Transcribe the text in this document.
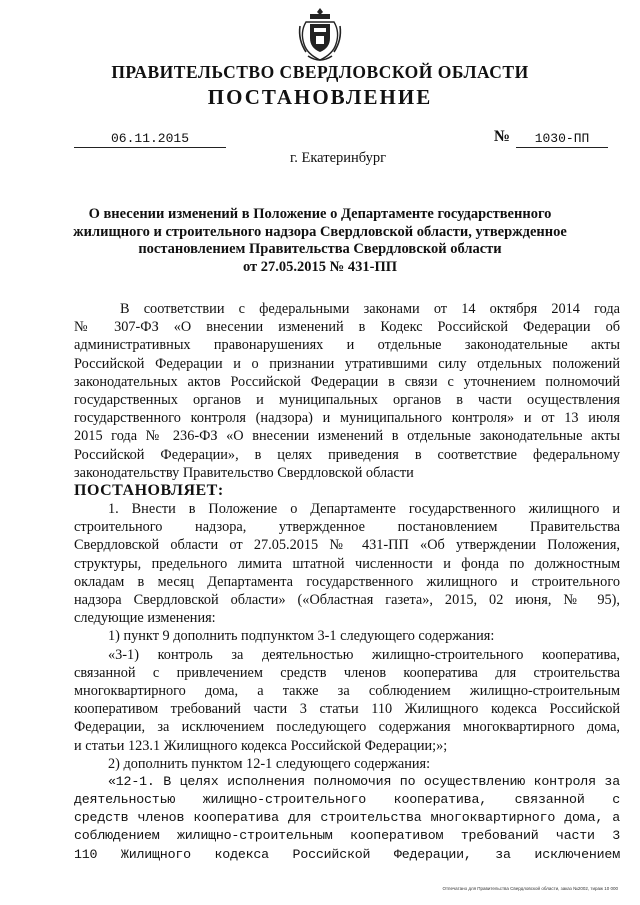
ПРАВИТЕЛЬСТВО СВЕРДЛОВСКОЙ ОБЛАСТИ
ПОСТАНОВЛЕНИЕ
06.11.2015	№	1030-ПП
г. Екатеринбург
О внесении изменений в Положение о Департаменте государственного
жилищного и строительного надзора Свердловской области, утвержденное
постановлением Правительства Свердловской области
от 27.05.2015 № 431-ПП
В соответствии с федеральными законами от 14 октября 2014 года
№ 307-ФЗ «О внесении изменений в Кодекс Российской Федерации об
административных правонарушениях и отдельные законодательные акты
Российской Федерации и о признании утратившими силу отдельных положений
законодательных актов Российской Федерации в связи с уточнением полномочий
государственных органов и муниципальных органов в части осуществления
государственного контроля (надзора) и муниципального контроля» и от 13 июля
2015 года № 236-ФЗ «О внесении изменений в отдельные законодательные акты
Российской Федерации», в целях приведения в соответствие федеральному
законодательству Правительство Свердловской области
ПОСТАНОВЛЯЕТ:
1. Внести в Положение о Департаменте государственного жилищного и
строительного надзора, утвержденное постановлением Правительства
Свердловской области от 27.05.2015 № 431-ПП «Об утверждении Положения,
структуры, предельного лимита штатной численности и фонда по должностным
окладам в месяц Департамента государственного жилищного и строительного
надзора Свердловской области» («Областная газета», 2015, 02 июня, № 95),
следующие изменения:
1) пункт 9 дополнить подпунктом 3-1 следующего содержания:
«3-1) контроль за деятельностью жилищно-строительного кооператива,
связанной с привлечением средств членов кооператива для строительства
многоквартирного дома, а также за соблюдением жилищно-строительным
кооперативом требований части 3 статьи 110 Жилищного кодекса Российской
Федерации, за исключением последующего содержания многоквартирного дома,
и статьи 123.1 Жилищного кодекса Российской Федерации;»;
2) дополнить пунктом 12-1 следующего содержания:
«12-1. В целях исполнения полномочия по осуществлению контроля за
деятельностью жилищно-строительного кооператива, связанной с
средств членов кооператива для строительства многоквартирного дома, а
соблюдением жилищно-строительным кооперативом требований части 3
110 Жилищного кодекса Российской Федерации, за исключением
Отпечатано для Правительства Свердловской области, заказ №2002, тираж 10 000
